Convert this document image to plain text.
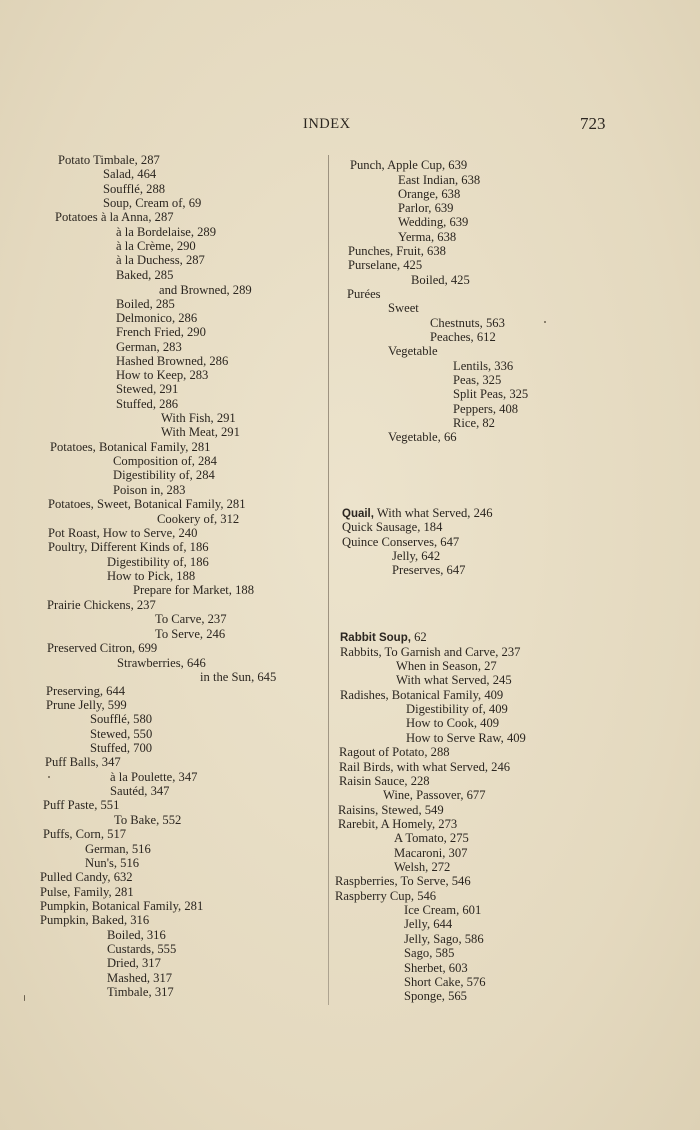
INDEX	723
Potato Timbale, 287
Salad, 464
Soufflé, 288
Soup, Cream of, 69
Potatoes à la Anna, 287
à la Bordelaise, 289
à la Crème, 290
à la Duchess, 287
Baked, 285
and Browned, 289
Boiled, 285
Delmonico, 286
French Fried, 290
German, 283
Hashed Browned, 286
How to Keep, 283
Stewed, 291
Stuffed, 286
With Fish, 291
With Meat, 291
Potatoes, Botanical Family, 281
Composition of, 284
Digestibility of, 284
Poison in, 283
Potatoes, Sweet, Botanical Family, 281
Cookery of, 312
Pot Roast, How to Serve, 240
Poultry, Different Kinds of, 186
Digestibility of, 186
How to Pick, 188
Prepare for Market, 188
Prairie Chickens, 237
To Carve, 237
To Serve, 246
Preserved Citron, 699
Strawberries, 646
in the Sun, 645
Preserving, 644
Prune Jelly, 599
Soufflé, 580
Stewed, 550
Stuffed, 700
Puff Balls, 347
à la Poulette, 347
Sautéd, 347
Puff Paste, 551
To Bake, 552
Puffs, Corn, 517
German, 516
Nun's, 516
Pulled Candy, 632
Pulse, Family, 281
Pumpkin, Botanical Family, 281
Pumpkin, Baked, 316
Boiled, 316
Custards, 555
Dried, 317
Mashed, 317
Timbale, 317
Punch, Apple Cup, 639
East Indian, 638
Orange, 638
Parlor, 639
Wedding, 639
Yerma, 638
Punches, Fruit, 638
Purselane, 425
Boiled, 425
Purées
Sweet
Chestnuts, 563
Peaches, 612
Vegetable
Lentils, 336
Peas, 325
Split Peas, 325
Peppers, 408
Rice, 82
Vegetable, 66
Quail, With what Served, 246
Quick Sausage, 184
Quince Conserves, 647
Jelly, 642
Preserves, 647
Rabbit Soup, 62
Rabbits, To Garnish and Carve, 237
When in Season, 27
With what Served, 245
Radishes, Botanical Family, 409
Digestibility of, 409
How to Cook, 409
How to Serve Raw, 409
Ragout of Potato, 288
Rail Birds, with what Served, 246
Raisin Sauce, 228
Wine, Passover, 677
Raisins, Stewed, 549
Rarebit, A Homely, 273
A Tomato, 275
Macaroni, 307
Welsh, 272
Raspberries, To Serve, 546
Raspberry Cup, 546
Ice Cream, 601
Jelly, 644
Jelly, Sago, 586
Sago, 585
Sherbet, 603
Short Cake, 576
Sponge, 565
